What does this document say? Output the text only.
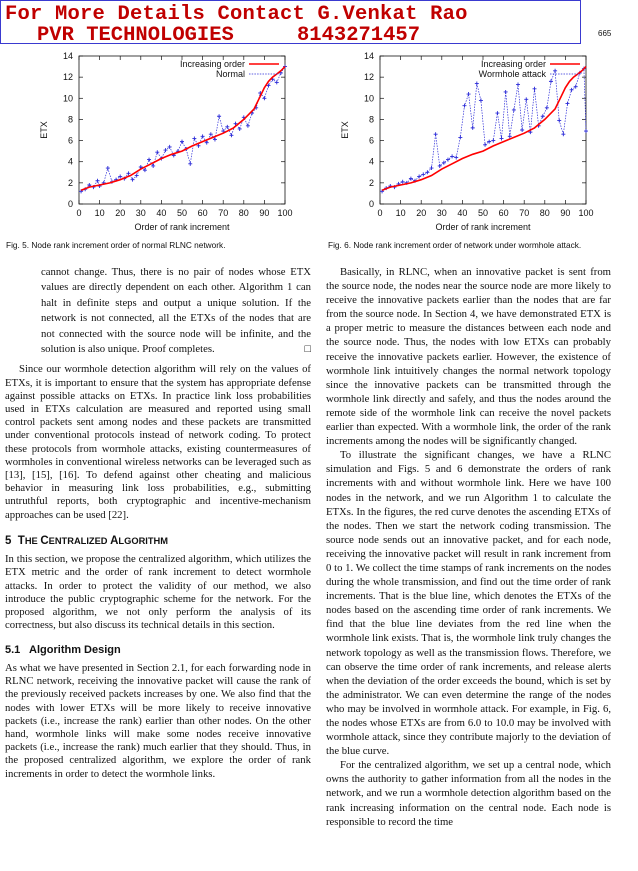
For More Details Contact G.Venkat Rao
PVR TECHNOLOGIES	8143271457	665
0 10 20 30 40 50 60 70 80 90 100
0
2
4
6
8
10
12
14
Order of rank increment
ETX
Increasing order
Normal
0 10 20 30 40 50 60 70 80 90 100
0
2
4
6
8
10
12
14
Order of rank increment
ETX
Increasing order
Wormhole attack
Fig. 5. Node rank increment order of normal RLNC network.	Fig. 6. Node rank increment order of network under wormhole attack.

cannot change. Thus, there is no pair of nodes whose ETX values are directly dependent on each other. Algorithm 1 can halt in definite steps and output a unique solution. If the network is not connected, all the ETXs of the nodes that are not connected with the source node will be infinite, and the solution is also unique. Proof completes.	□

Since our wormhole detection algorithm will rely on the values of ETXs, it is important to ensure that the system has appropriate defense against possible attacks on ETXs. In practice link loss probabilities used in ETXs calculation are measured and reported using small control packets sent among nodes and these packets are transmitted under conventional protocols instead of network coding. To protect these protocols from wormhole attacks, existing countermeasures of wormholes in conventional wireless networks can be leveraged such as [13], [15], [16]. To defend against other cheating and malicious behavior in measuring link loss probabilities, e.g., submitting untruthful reports, both cryptographic and incentive-mechanism approaches can be used [22].

5 THE CENTRALIZED ALGORITHM

In this section, we propose the centralized algorithm, which utilizes the ETX metric and the order of rank increment to detect wormhole attacks. In order to protect the validity of our method, we also introduce the public cryptographic scheme for the network. For the proposed algorithm, we not only perform the analysis of its correctness, but also discuss its technical details in this section.

5.1   Algorithm Design

As what we have presented in Section 2.1, for each forwarding node in RLNC network, receiving the innovative packet will cause the rank of the previously received packets increases by one. We also find that the nodes with lower ETXs will be more likely to receive innovative packets (i.e., increase the rank) earlier than other nodes. On the other hand, wormhole links will make some nodes receive innovative packets (i.e., increase the rank) much earlier that they should. Thus, in the proposed centralized algorithm, we explore the order of rank increments in order to detect the wormhole links.

Basically, in RLNC, when an innovative packet is sent from the source node, the nodes near the source node are more likely to receive the innovative packets earlier than the nodes that are far from the source node. In Section 4, we have demonstrated ETX is a proper metric to measure the distances between each node and the source node. Thus, the nodes with low ETXs can probably receive the innovative packets earlier. However, the existence of wormhole link intuitively changes the normal network topology since the innovative packets can be transmitted through the wormhole link directly and safely, and thus the nodes around the remote side of the wormhole link can receive the novel packets earlier than expected. With a wormhole link, the order of the rank increments among the nodes will be significantly changed.

To illustrate the significant changes, we have a RLNC simulation and Figs. 5 and 6 demonstrate the orders of rank increments with and without wormhole link. Here we have 100 nodes in the network, and we run Algorithm 1 to calculate the ETXs. In the figures, the red curve denotes the ascending ETXs of the nodes. Then we start the network coding transmission. The source node sends out an innovative packet, and for each node, receiving the innovative packet will result in rank increment from 0 to 1. We collect the time stamps of rank increments on the nodes during the whole transmission, and find out the time order of rank increments. That is the blue line, which denotes the ETXs of the nodes based on the ascending time order of rank increments. We find that the blue line deviates from the red line when the wormhole link exists. That is, the wormhole link truly changes the network topology as well as the transmission flows. Therefore, we can observe the time order of rank increments, and release alerts when the deviation of the order exceeds the bound, which is set by the administrator. We can even determine the range of the nodes who may be involved in wormhole attack. For example, in Fig. 6, the nodes whose ETXs are from 6.0 to 10.0 may be involved with wormhole attack, since they contribute majorly to the deviation of the blue curve.

For the centralized algorithm, we set up a central node, which owns the authority to gather information from all the nodes in the network, and we run a wormhole detection algorithm based on the rank increasing information on the central node. Each node is responsible to record the time
